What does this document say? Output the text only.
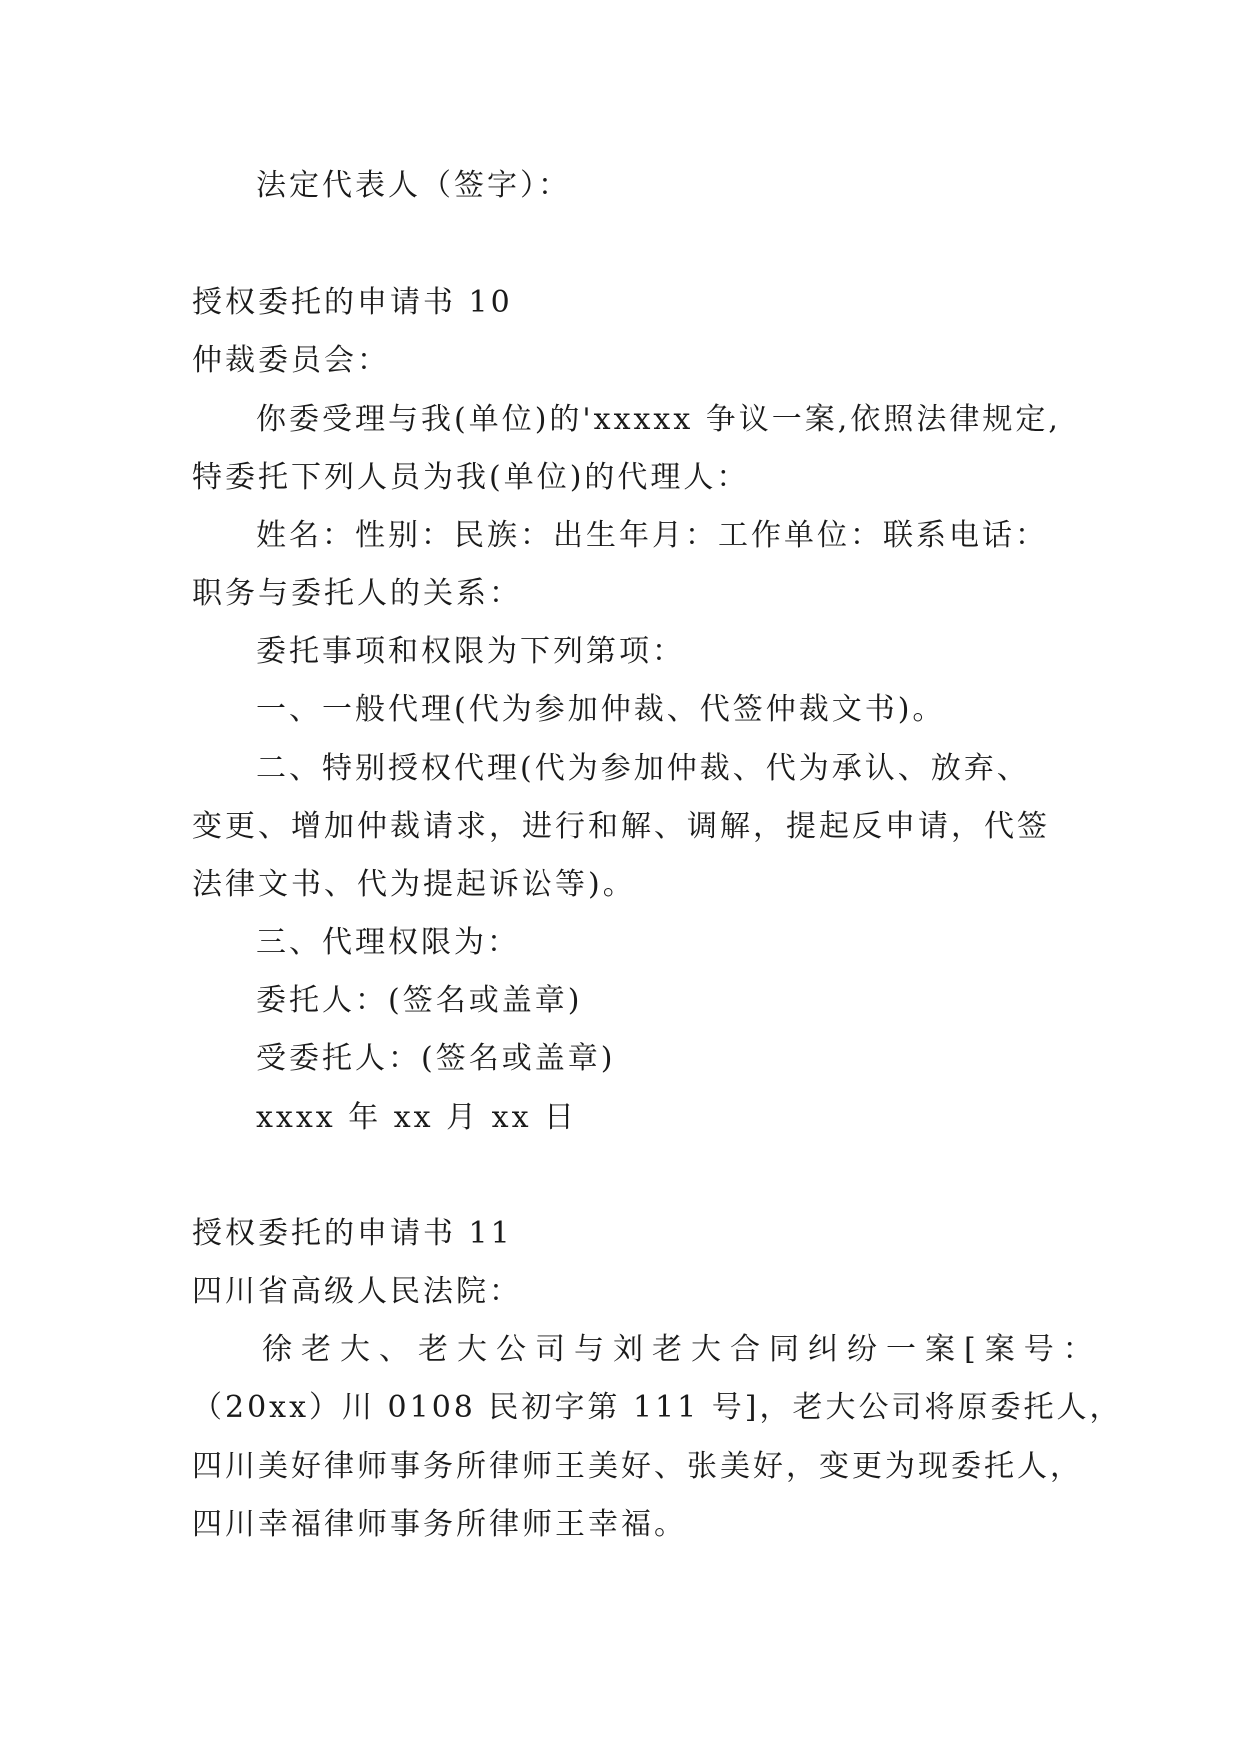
法定代表人（签字）：
授权委托的申请书 10
仲裁委员会：
你委受理与我(单位)的'xxxxx 争议一案,依照法律规定,
特委托下列人员为我(单位)的代理人：
姓名：性别：民族：出生年月：工作单位：联系电话：
职务与委托人的关系：
委托事项和权限为下列第项：
一、一般代理(代为参加仲裁、代签仲裁文书)。
二、特别授权代理(代为参加仲裁、代为承认、放弃、
变更、增加仲裁请求，进行和解、调解，提起反申请，代签
法律文书、代为提起诉讼等)。
三、代理权限为：
委托人：(签名或盖章)
受委托人：(签名或盖章)
xxxx 年 xx 月 xx 日
授权委托的申请书 11
四川省高级人民法院：
徐老大、老大公司与刘老大合同纠纷一案[案号：
（20xx）川 0108 民初字第 111 号]，老大公司将原委托人，
四川美好律师事务所律师王美好、张美好，变更为现委托人，
四川幸福律师事务所律师王幸福。
